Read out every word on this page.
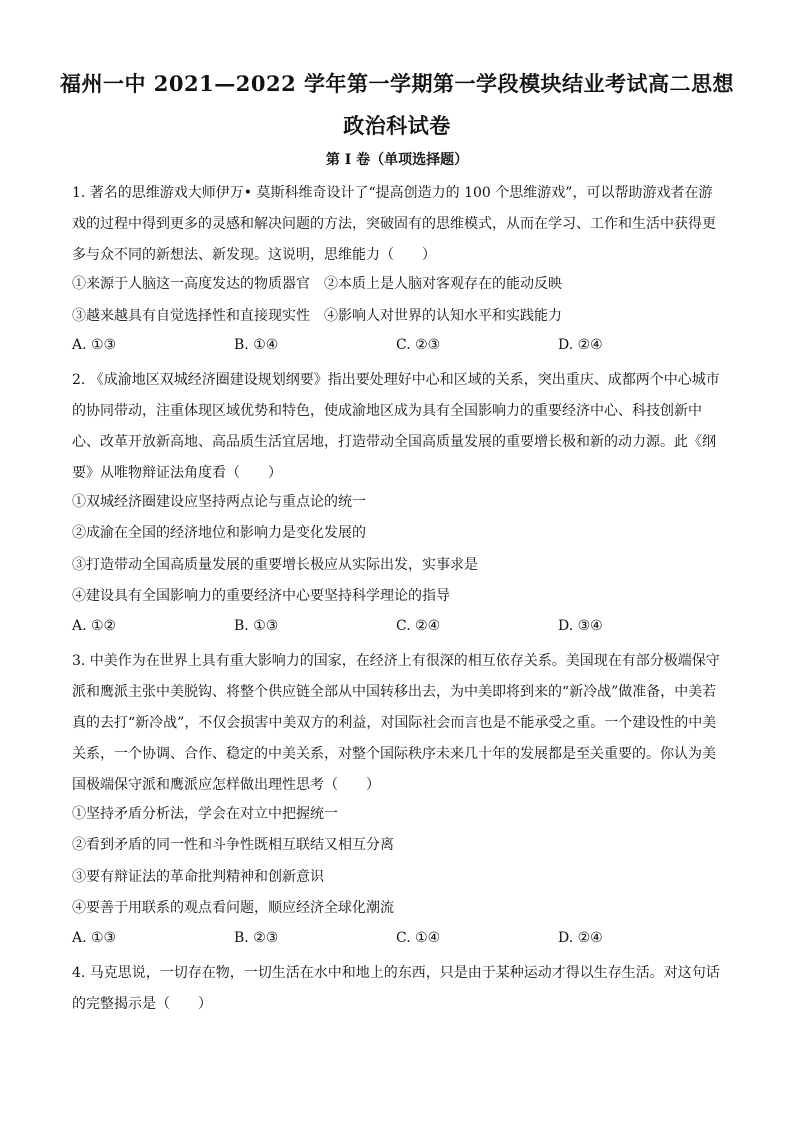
福州一中 2021—2022 学年第一学期第一学段模块结业考试高二思想
政治科试卷
第 I 卷（单项选择题）
1. 著名的思维游戏大师伊万• 莫斯科维奇设计了“提高创造力的 100 个思维游戏”，可以帮助游戏者在游戏的过程中得到更多的灵感和解决问题的方法，突破固有的思维模式，从而在学习、工作和生活中获得更多与众不同的新想法、新发现。这说明，思维能力（　　）
①来源于人脑这一高度发达的物质器官　②本质上是人脑对客观存在的能动反映
③越来越具有自觉选择性和直接现实性　④影响人对世界的认知水平和实践能力
A. ①③	B. ①④	C. ②③	D. ②④
2. 《成渝地区双城经济圈建设规划纲要》指出要处理好中心和区域的关系，突出重庆、成都两个中心城市的协同带动，注重体现区域优势和特色，使成渝地区成为具有全国影响力的重要经济中心、科技创新中心、改革开放新高地、高品质生活宜居地，打造带动全国高质量发展的重要增长极和新的动力源。此《纲要》从唯物辩证法角度看（　　）
①双城经济圈建设应坚持两点论与重点论的统一
②成渝在全国的经济地位和影响力是变化发展的
③打造带动全国高质量发展的重要增长极应从实际出发，实事求是
④建设具有全国影响力的重要经济中心要坚持科学理论的指导
A. ①②	B. ①③	C. ②④	D. ③④
3. 中美作为在世界上具有重大影响力的国家，在经济上有很深的相互依存关系。美国现在有部分极端保守派和鹰派主张中美脱钩、将整个供应链全部从中国转移出去，为中美即将到来的“新冷战”做准备，中美若真的去打“新冷战”，不仅会损害中美双方的利益，对国际社会而言也是不能承受之重。一个建设性的中美关系，一个协调、合作、稳定的中美关系，对整个国际秩序未来几十年的发展都是至关重要的。你认为美国极端保守派和鹰派应怎样做出理性思考（　　）
①坚持矛盾分析法，学会在对立中把握统一
②看到矛盾的同一性和斗争性既相互联结又相互分离
③要有辩证法的革命批判精神和创新意识
④要善于用联系的观点看问题，顺应经济全球化潮流
A. ①③	B. ②③	C. ①④	D. ②④
4. 马克思说，一切存在物，一切生活在水中和地上的东西，只是由于某种运动才得以生存生活。对这句话的完整揭示是（　　）
